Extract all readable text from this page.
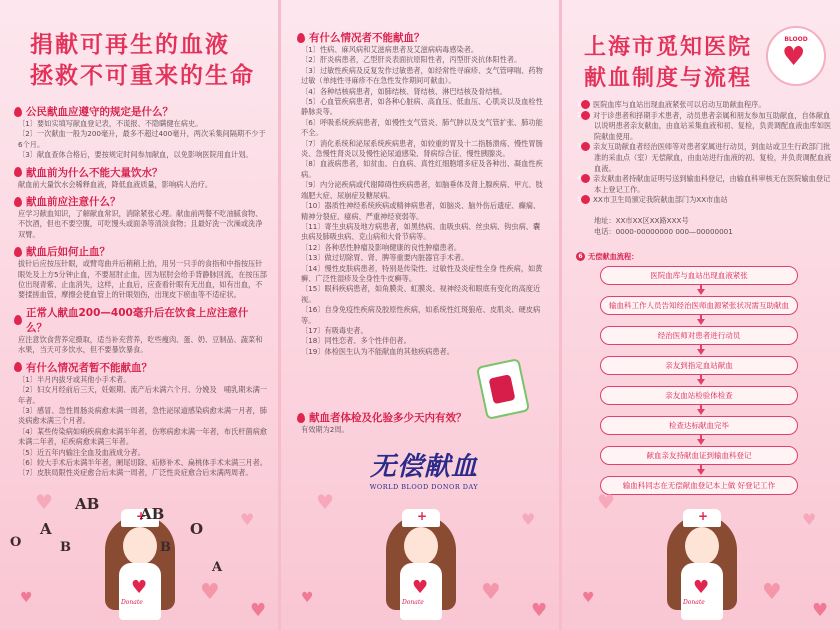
捐献可再生的血液
拯救不可重来的生命
公民献血应遵守的规定是什么？
〔1〕要如实填写献血登记表，不谎报、不隐瞒健在病史。
〔2〕一次献血一般为200毫升，最多不超过400毫升，两次采集间隔期不少于6个月。
〔3〕献血查体合格后，要按规定时间参加献血，以免影响医院用血计划。
献血前为什么不能大量饮水？
献血前大量饮水会稀释血液，降低血液质量，影响病人治疗。
献血前应注意什么？
应学习献血知识，了解献血常识，消除紧张心理。献血前两餐不吃油腻食物、不饮酒，但也不要空腹，可吃馒头或面条等清淡食物；且最好洗一次澡或洗净双臂。
献血后如何止血？
拔针后应按压针眼，或臂弯曲并后稍稍上抬，用另一只手的食指和中指按压针眼处及上方5分钟止血，不要屈肘止血，因为屈肘会给手背静脉回流，在按压部位出现青紫、止血消失，这样，止血后，应查看针眼有无出血，如有出血，不要揉搓血管，摩擦会使血管上的针眼划伤，出现皮下瘀血等不适症状。
正常人献血200—400毫升后在饮食上应注意什么？
应注意饮食营养定摄取，适当补充营养，吃些瘦肉、蛋、奶、豆制品、蔬菜和水果，当天可多饮水，但不要暴饮暴食。
有什么情况者暂不能献血？
〔1〕半月内拔牙或其他小手术者。
〔2〕妇女月经前后三天，妊娠期、流产后未满六个月、分娩及　哺乳期未满一年者。
〔3〕感冒、急性胃肠炎病愈未满一周者，急性泌尿道感染病愈未满一月者，肺炎病愈未满三个月者。
〔4〕某些传染病如痢疾病愈未满半年者，伤寒病愈未满一年者，布氏杆菌病愈未满二年者，疟疾病愈未满三年者。
〔5〕近五年内输注全血及血液成分者。
〔6〕较大手术后未满半年者，阑尾切除、疝修补术、扁桃体手术未满三月者。
〔7〕皮肤局限性炎症愈合后未满一周者，广泛性炎症愈合后未满两周者。
♥
♥
♥
♥
♥
+
♥
Donate
A
B
AB
O
AB
B
O
A
有什么情况者不能献血？
〔1〕性病、麻风病和艾滋病患者及艾滋病病毒感染者。
〔2〕肝炎病患者，乙型肝炎表面抗原阳性者，丙型肝炎抗体阳性者。
〔3〕过敏性疾病及反复发作过敏患者，如经常性寻麻疹、支气管哮喘、药物过敏（单纯性寻麻疹不在急性发作期间可献血）。
〔4〕各种结核病患者，如肺结核、肾结核、淋巴结核及骨结核。
〔5〕心血管疾病患者，如各种心脏病、高血压、低血压、心肌炎以及血栓性静脉炎等。
〔6〕呼吸系统疾病患者，如慢性支气管炎、肺气肿以及支气管扩张、肺功能不全。
〔7〕消化系统和泌尿系统疾病患者，如较重的胃及十二指肠溃疡、慢性胃肠炎、急慢性肾炎以及慢性泌尿道感染、肾病综合征、慢性胰腺炎。
〔8〕血液病患者，如贫血、白血病、真性红细胞增多症及各种出、凝血性疾病。
〔9〕内分泌疾病或代谢障碍性疾病患者，如脑垂体及肾上腺疾病、甲亢、肢端肥大症、尿崩症及糖尿病。
〔10〕器质性神经系统疾病或精神病患者，如脑炎、脑外伤后遗症、癫痫、精神分裂症、癔病、严重神经衰弱等。
〔11〕寄生虫病及地方病患者，如黑热病、血吸虫病、丝虫病、钩虫病、囊虫病及肺吸虫病、克山病和大骨节病等。
〔12〕各种恶性肿瘤及影响健康的良性肿瘤患者。
〔13〕做过切除胃、肾、脾等重要内脏器官手术者。
〔14〕慢性皮肤病患者，特别是传染性、过敏性及炎症性全身 性疾病，如黄癣、广泛性湿疹及全身性牛皮癣等。
〔15〕眼科疾病患者，如角膜炎、虹膜炎、视神经炎和眼底有变化的高度近视。
〔16〕自身免疫性疾病及胶原性疾病，如系统性红斑狼疮、皮肌炎、硬皮病等。
〔17〕有吸毒史者。
〔18〕同性恋者、多个性伴侣者。
〔19〕体检医生认为不能献血的其他疾病患者。
献血者体检及化验多少天内有效？
有效期为2周。
无偿献血
WORLD BLOOD DONOR DAY
♥
♥
♥
♥
♥
+
♥
Donate
上海市觅知医院
献血制度与流程
BLOOD
♥
1 医院血库与血站出现血液紧张可以启动互助献血程序。
2 对于诊患者和择期手术患者，动员患者亲属和朋友参加互助献血，自体献血以说明患者亲友献血，由血站采集血液和初、复检，负责调配血液血库如医院献血使用。
3 亲友互助献血者经治医师等对患者家属进行动员，到血站或卫生行政部门批准的采血点（室）无偿献血，由血站进行血液的初、复检，并负责调配血液血液。
4 亲友献血者持献血证明号送到输血科登记，由输血科审核无在医院输血登记本上登记工作。
5 XX市卫生局颁定我院献血部门为XX市血站
地址：XX市XX区XX路XXX号
电话：0000-00000000 000—00000001
6 无偿献血流程：
医院血库与血站出现血液紧张
输血科工作人员告知经治医师血源紧张状况需互助献血
经治医师对患者进行动员
亲友到指定血站献血
亲友血站检验体检查
检查达标献血完毕
献血亲友持献血证到输血科登记
输血科同志在无偿献血登记本上做 好登记工作
♥
♥
♥
♥
♥
+
♥
Donate
